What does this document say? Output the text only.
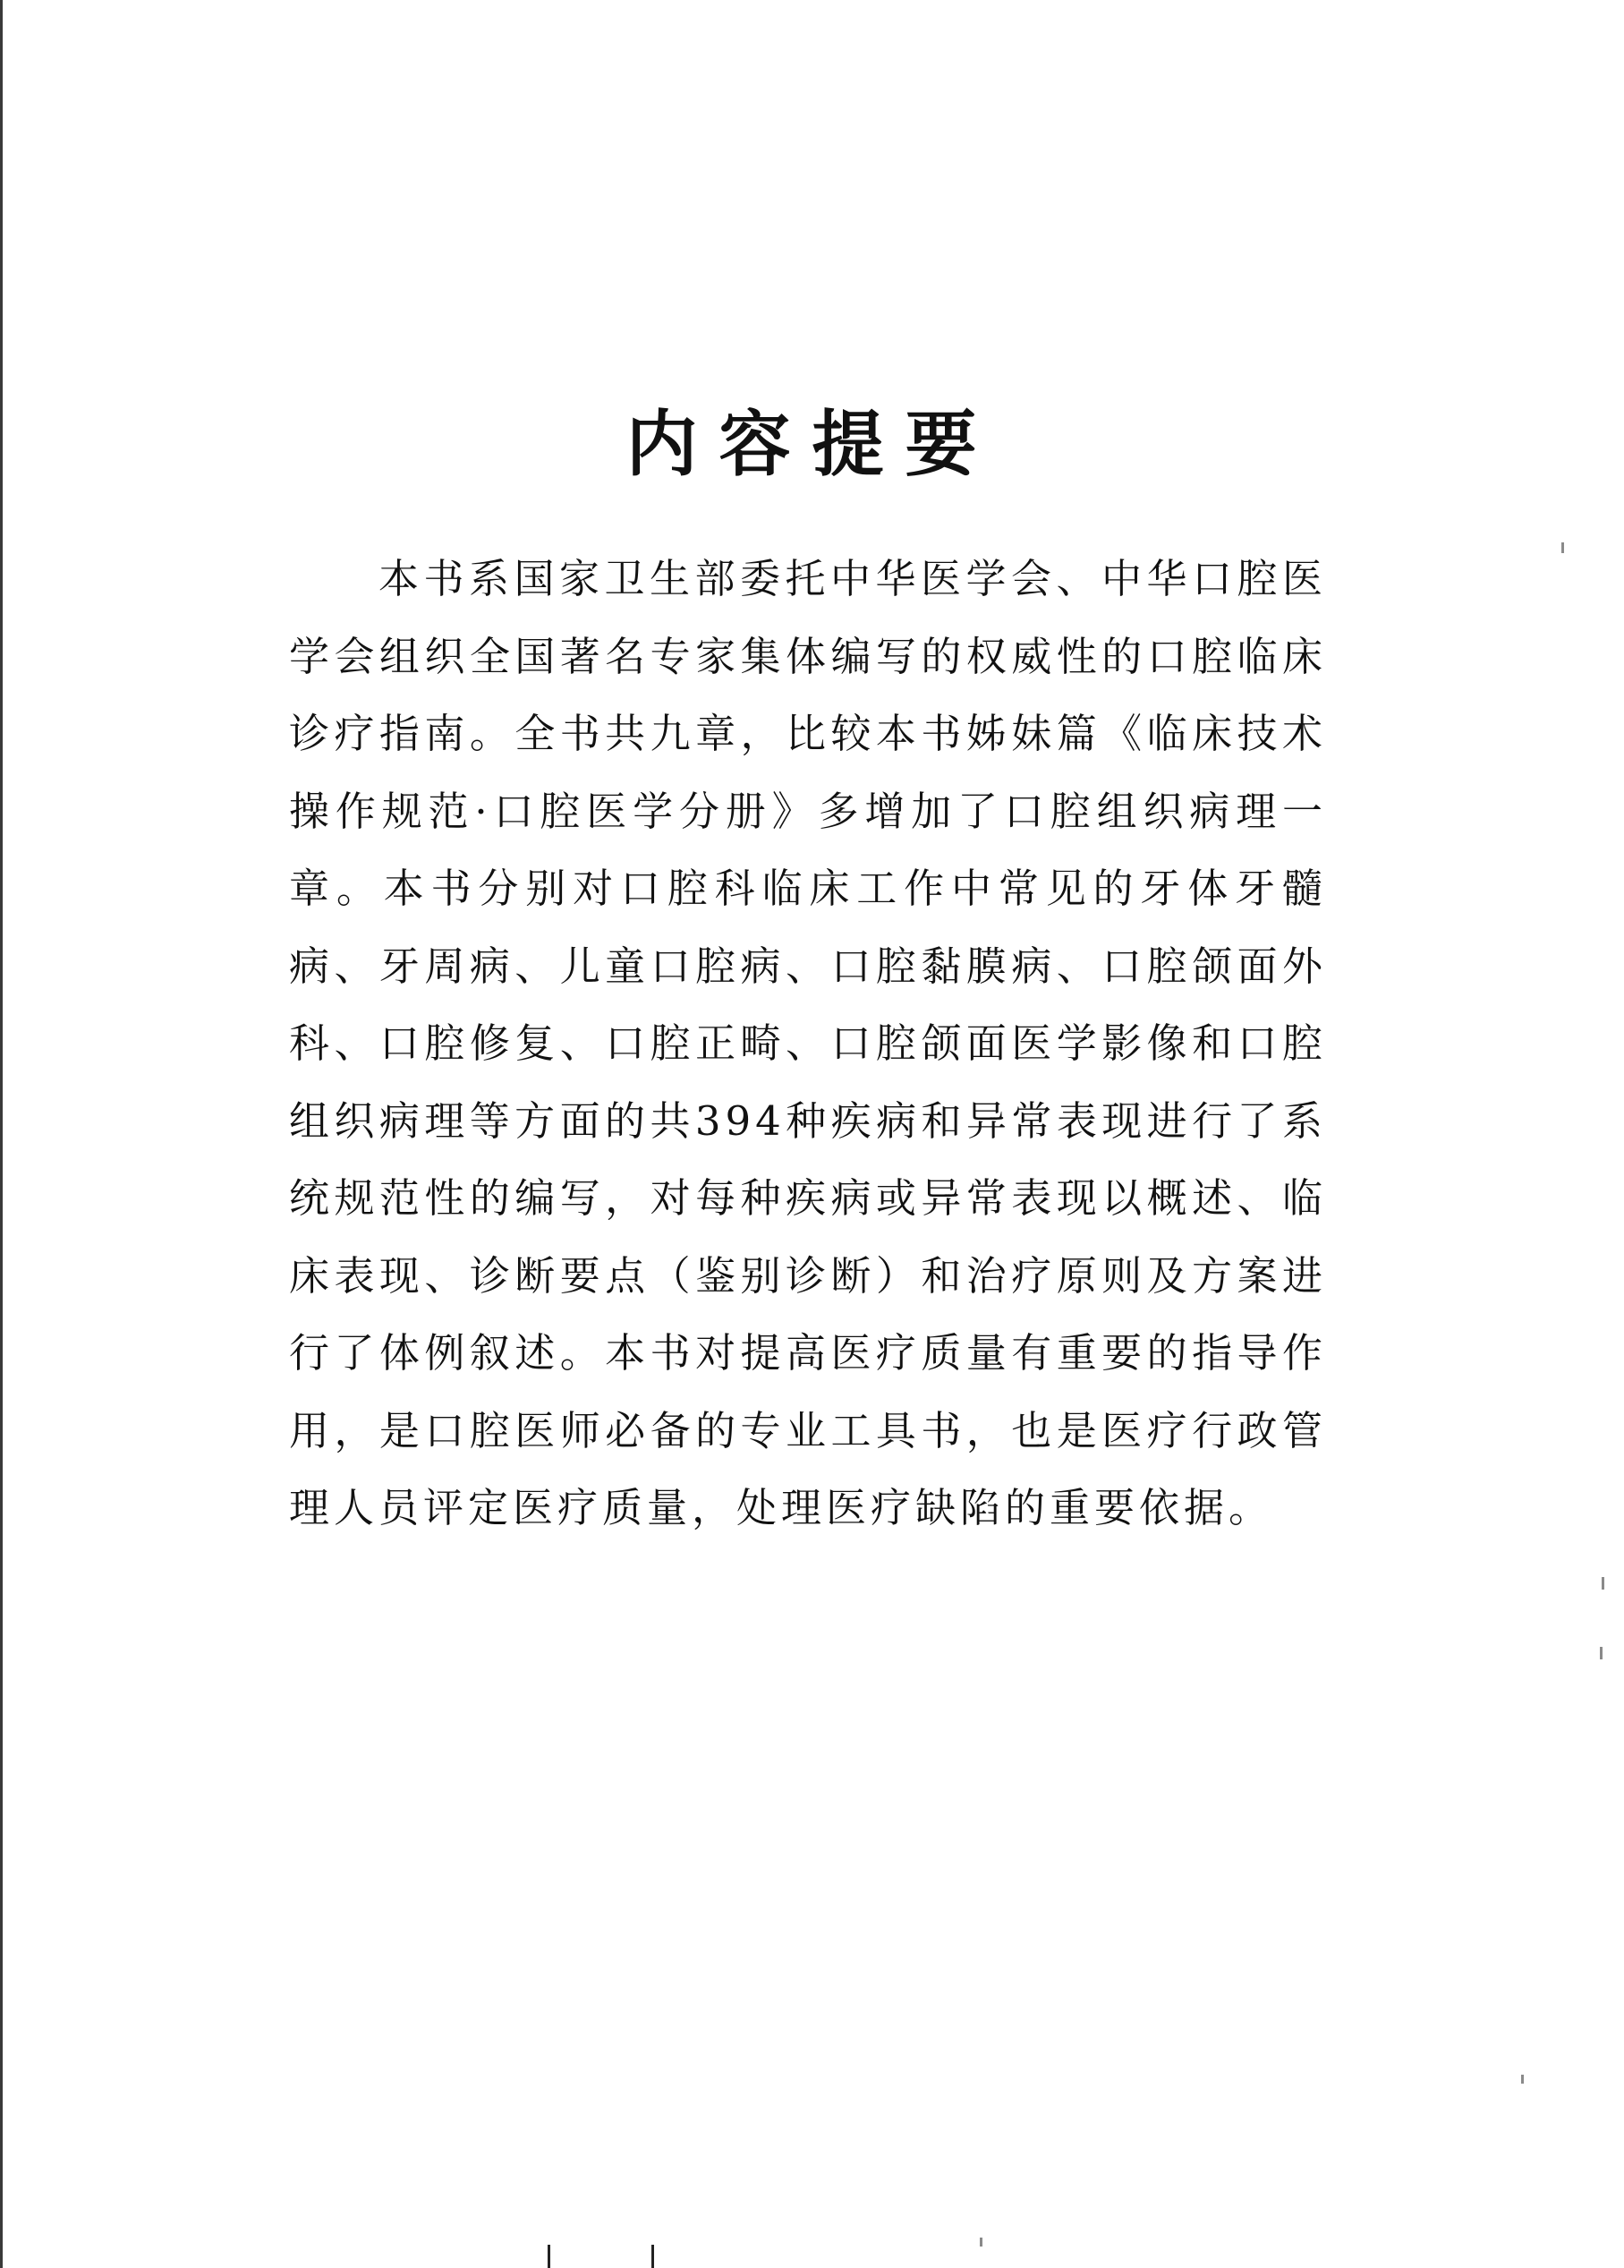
内容提要

本书系国家卫生部委托中华医学会、中华口腔医学会组织全国著名专家集体编写的权威性的口腔临床诊疗指南。全书共九章，比较本书姊妹篇《临床技术操作规范·口腔医学分册》多增加了口腔组织病理一章。本书分别对口腔科临床工作中常见的牙体牙髓病、牙周病、儿童口腔病、口腔黏膜病、口腔颌面外科、口腔修复、口腔正畸、口腔颌面医学影像和口腔组织病理等方面的共394种疾病和异常表现进行了系统规范性的编写，对每种疾病或异常表现以概述、临床表现、诊断要点（鉴别诊断）和治疗原则及方案进行了体例叙述。本书对提高医疗质量有重要的指导作用，是口腔医师必备的专业工具书，也是医疗行政管理人员评定医疗质量，处理医疗缺陷的重要依据。
